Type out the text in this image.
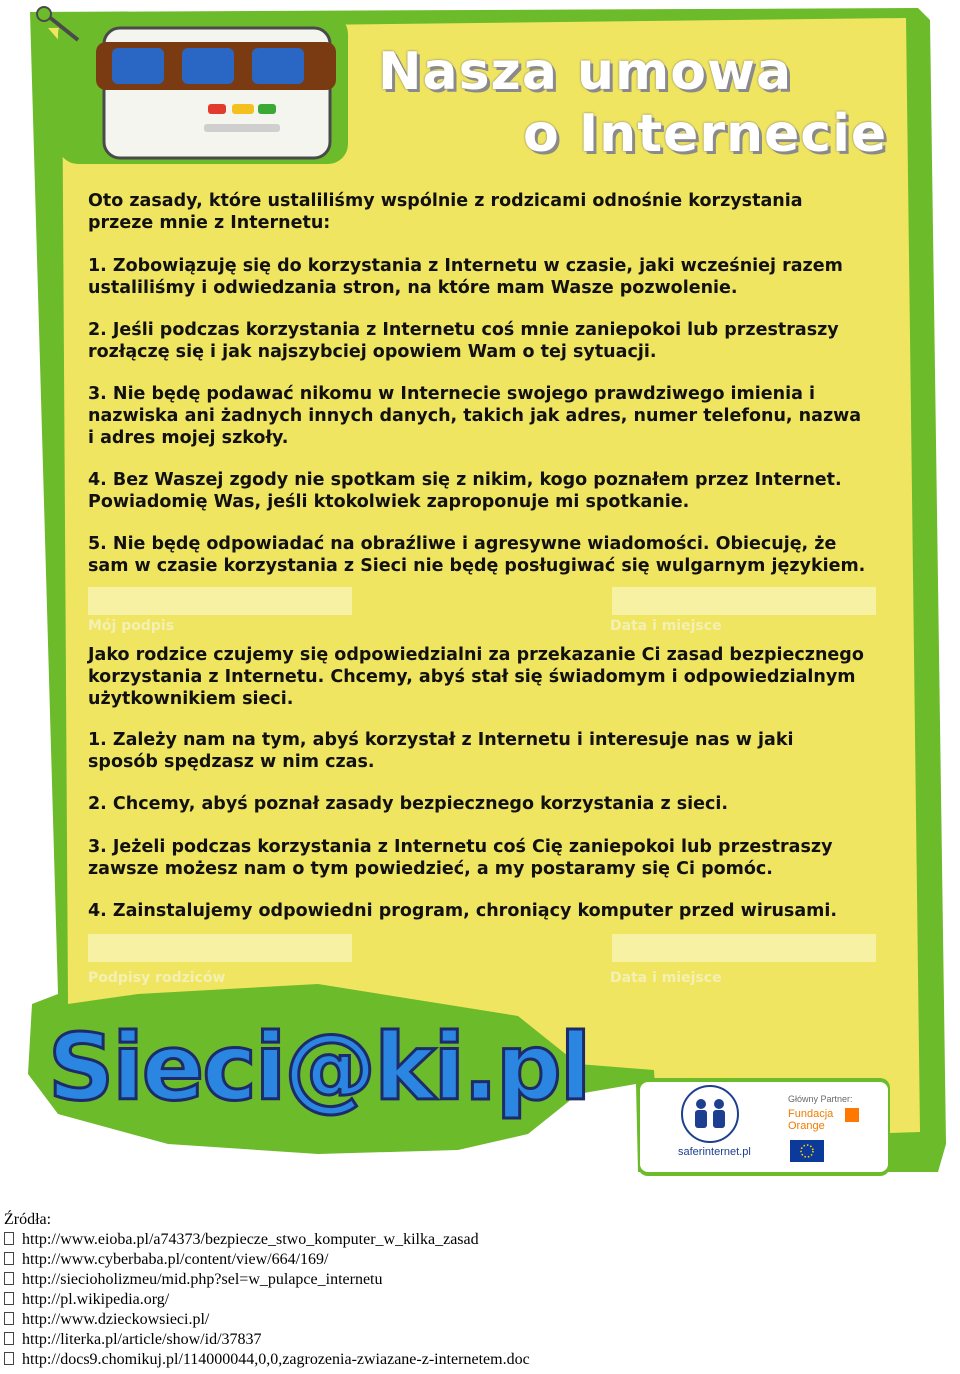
Nasza umowa
o Internecie
Oto zasady, które ustaliliśmy wspólnie z rodzicami odnośnie korzystania przeze mnie z Internetu:
1. Zobowiązuję się do korzystania z Internetu w czasie, jaki wcześniej razem ustaliliśmy i odwiedzania stron, na które mam Wasze pozwolenie.
2. Jeśli podczas korzystania z Internetu coś mnie zaniepokoi lub przestraszy rozłączę się i jak najszybciej opowiem Wam o tej sytuacji.
3. Nie będę podawać nikomu w Internecie swojego prawdziwego imienia i nazwiska ani żadnych innych danych, takich jak adres, numer telefonu, nazwa i adres mojej szkoły.
4. Bez Waszej zgody nie spotkam się z nikim, kogo poznałem przez Internet. Powiadomię Was, jeśli ktokolwiek zaproponuje mi spotkanie.
5. Nie będę odpowiadać na obraźliwe i agresywne wiadomości. Obiecuję, że sam w czasie korzystania z Sieci nie będę posługiwać się wulgarnym językiem.
Mój podpis	Data i miejsce
Jako rodzice czujemy się odpowiedzialni za przekazanie Ci zasad bezpiecznego korzystania z Internetu. Chcemy, abyś stał się świadomym i odpowiedzialnym użytkownikiem sieci.
1. Zależy nam na tym, abyś korzystał z Internetu i interesuje nas w jaki sposób spędzasz w nim czas.
2. Chcemy, abyś poznał zasady bezpiecznego korzystania z sieci.
3. Jeżeli podczas korzystania z Internetu coś Cię zaniepokoi lub przestraszy zawsze możesz nam o tym powiedzieć, a my postaramy się Ci pomóc.
4. Zainstalujemy odpowiedni program, chroniący komputer przed wirusami.
Podpisy rodziców	Data i miejsce
Sieci@ki.pl	Główny Partner:
Fundacja
Orange
saferinternet.pl
Źródła:
http://www.eioba.pl/a74373/bezpiecze_stwo_komputer_w_kilka_zasad
http://www.cyberbaba.pl/content/view/664/169/
http://siecioholizmeu/mid.php?sel=w_pulapce_internetu
http://pl.wikipedia.org/
http://www.dzieckowsieci.pl/
http://literka.pl/article/show/id/37837
http://docs9.chomikuj.pl/114000044,0,0,zagrozenia-zwiazane-z-internetem.doc
